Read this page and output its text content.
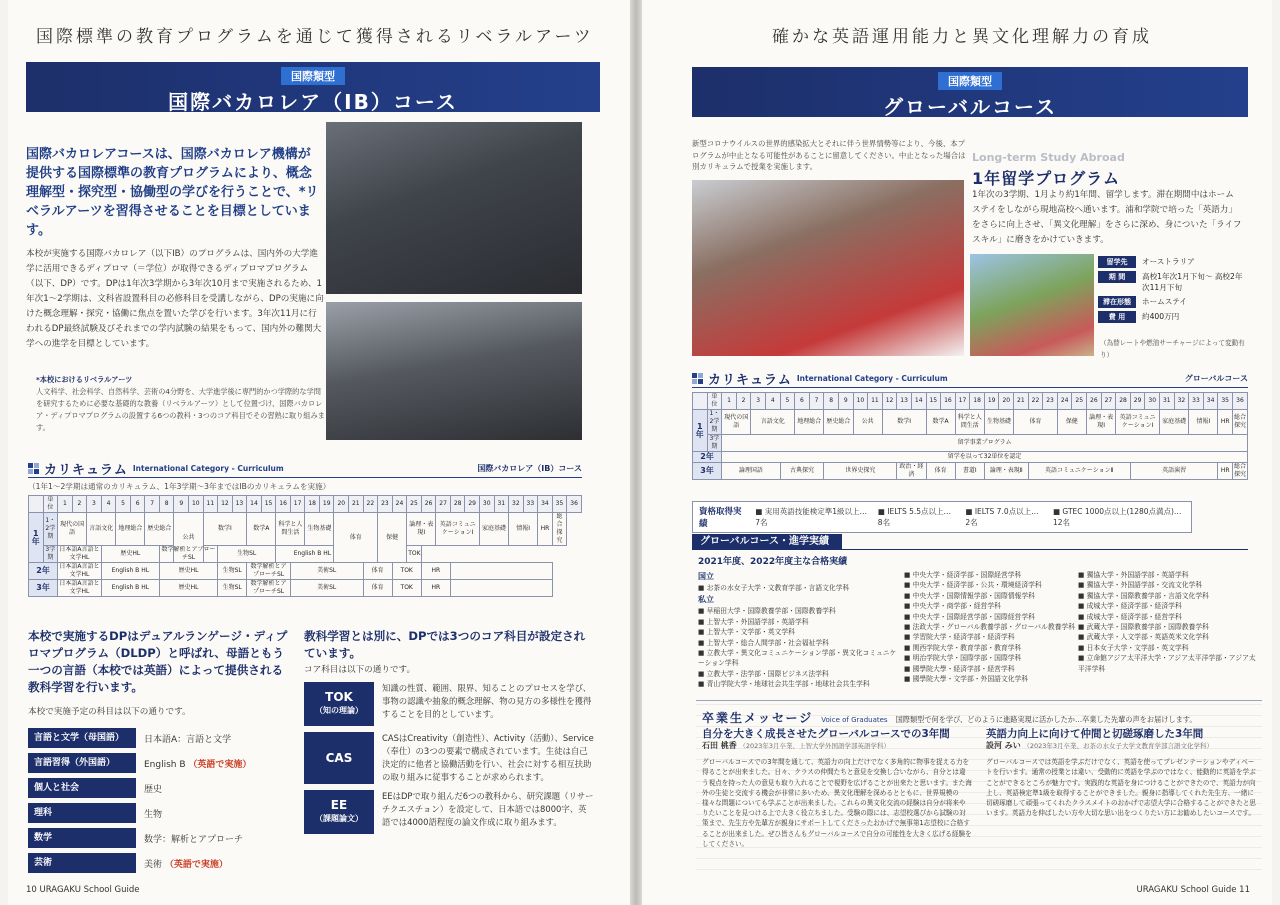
国際標準の教育プログラムを通じて獲得されるリベラルアーツ
国際類型
国際バカロレア（IB）コース
国際バカロレアコースは、国際バカロレア機構が提供する国際標準の教育プログラムにより、概念理解型・探究型・協働型の学びを行うことで、*リベラルアーツを習得させることを目標としています。
本校が実施する国際バカロレア（以下IB）のプログラムは、国内外の大学進学に活用できるディプロマ（＝学位）が取得できるディプロマプログラム（以下、DP）です。DPは1年次3学期から3年次10月まで実施されるため、1年次1～2学期は、文科省設置科目の必修科目を受講しながら、DPの実施に向けた概念理解・探究・協働に焦点を置いた学びを行います。3年次11月に行われるDP最終試験及びそれまでの学内試験の結果をもって、国内外の難関大学への進学を目標としています。
*本校におけるリベラルアーツ
人文科学、社会科学、自然科学、芸術の4分野を、大学進学後に専門的かつ学際的な学問を研究するために必要な基礎的な教養（リベラルアーツ）として位置づけ、国際バカロレア・ディプロマプログラムの設置する6つの教科・3つのコア科目でその習熟に取り組みます。
カリキュラム International Category - Curriculum	国際バカロレア（IB）コース
（1年1～2学期は通常のカリキュラム、1年3学期～3年まではIBのカリキュラムを実施）
	単位	1	2	3	4	5	6	7	8	9	10	11	12	13	14	15	16	17	18	19	20	21	22	23	24	25	26	27	28	29	30	31	32	33	34	35	36
1年	1・2学期	現代の国語		言語文化		地理総合		歴史総合		公共		数学Ⅰ			数学A		科学と人間生活		生物基礎		体育			保健		論理・表現Ⅰ		英語コミュニケーションⅠ			家庭基礎		情報Ⅰ		HR	総合探究	
	3学期	日本語A言語と文学HL			歴史HL				数学解析とアプローチSL				生物SL				English B HL									TOK											
2年		日本語A言語と文学HL			English B HL				歴史HL				生物SL		数学解析とアプローチSL			美術SL					体育		TOK		HR										
3年		日本語A言語と文学HL			English B HL				歴史HL				生物SL		数学解析とアプローチSL			美術SL					体育		TOK		HR										
本校で実施するDPはデュアルランゲージ・ディプロマプログラム（DLDP）と呼ばれ、母語ともう一つの言語（本校では英語）によって提供される教科学習を行います。
本校で実施予定の科目は以下の通りです。
言語と文学（母国語）	日本語A：言語と文学
言語習得（外国語）	English B （英語で実施）
個人と社会	歴史
理科	生物
数学	数学：解析とアプローチ
芸術	美術 （英語で実施）
教科学習とは別に、DPでは3つのコア科目が設定されています。
コア科目は以下の通りです。
TOK
（知の理論）
知識の性質、範囲、限界、知ることのプロセスを学び、事物の認識や抽象的概念理解、物の見方の多様性を獲得することを目的としています。
CAS
CASはCreativity（創造性）、Activity（活動）、Service（奉仕）の3つの要素で構成されています。生徒は自己決定的に他者と協働活動を行い、社会に対する相互扶助の取り組みに従事することが求められます。
EE
（課題論文）
EEはDPで取り組んだ6つの教科から、研究課題（リサーチクエスチョン）を設定して、日本語では8000字、英語では4000語程度の論文作成に取り組みます。
10 URAGAKU School Guide
確かな英語運用能力と異文化理解力の育成
国際類型
グローバルコース
新型コロナウイルスの世界的感染拡大とそれに伴う世界情勢等により、今後、本プログラムが中止となる可能性があることに留意してください。中止となった場合は別カリキュラムで授業を実施します。
Long-term Study Abroad
1年留学プログラム
1年次の3学期、1月より約1年間、留学します。滞在期間中はホームステイをしながら現地高校へ通います。浦和学院で培った「英語力」をさらに向上させ、「異文化理解」をさらに深め、身についた「ライフスキル」に磨きをかけていきます。
留学先	オーストラリア
期 間	高校1年次1月下旬～ 高校2年次11月下旬
滞在形態	ホームステイ
費 用	約400万円
（為替レートや燃油サーチャージによって変動有り）
カリキュラム International Category - Curriculum	グローバルコース
	単位	1	2	3	4	5	6	7	8	9	10	11	12	13	14	15	16	17	18	19	20	21	22	23	24	25	26	27	28	29	30	31	32	33	34	35	36
1年	1・2学期	現代の国語		言語文化			地理総合		歴史総合		公共		数学Ⅰ			数学A		科学と人間生活		生物基礎		体育			保健		論理・表現Ⅰ		英語コミュニケーションⅠ			家庭基礎		情報Ⅰ		HR	総合探究
	3学期	留学事業プログラム																																			
2年		留学を以って32単位を認定																																			
3年		論理国語				古典探究			世界史探究					政治・経済		体育		書道Ⅰ		論理・表現Ⅱ			英語コミュニケーションⅡ							英語演習						HR	総合探究
資格取得実績
■ 実用英語技能検定準1級以上…7名
■ IELTS 5.5点以上…8名
■ IELTS 7.0点以上…2名
■ GTEC 1000点以上(1280点満点)…12名
グローバルコース・進学実績
2021年度、2022年度主な合格実績
国立
■ お茶の水女子大学・文教育学部・言語文化学科
私立
■ 早稲田大学・国際教養学部・国際教養学科
■ 上智大学・外国語学部・英語学科
■ 上智大学・文学部・英文学科
■ 上智大学・総合人間学部・社会福祉学科
■ 立教大学・異文化コミュニケーション学部・異文化コミュニケーション学科
■ 立教大学・法学部・国際ビジネス法学科
■ 青山学院大学・地球社会共生学部・地球社会共生学科
■ 中央大学・経済学部・国際経営学科
■ 中央大学・経済学部・公共・環境経済学科
■ 中央大学・国際情報学部・国際情報学科
■ 中央大学・商学部・経営学科
■ 中央大学・国際経営学部・国際経営学科
■ 法政大学・グローバル教養学部・グローバル教養学科
■ 学習院大学・経済学部・経済学科
■ 関西学院大学・教育学部・教育学科
■ 明治学院大学・国際学部・国際学科
■ 國學院大學・経済学部・経営学科
■ 國學院大學・文学部・外国語文化学科
■ 獨協大学・外国語学部・英語学科
■ 獨協大学・外国語学部・交流文化学科
■ 獨協大学・国際教養学部・言語文化学科
■ 成城大学・経済学部・経済学科
■ 成城大学・経済学部・経営学科
■ 武蔵大学・国際教養学部・国際教養学科
■ 武蔵大学・人文学部・英語英米文化学科
■ 日本女子大学・文学部・英文学科
■ 立命館アジア太平洋大学・アジア太平洋学部・アジア太平洋学科
卒業生メッセージ Voice of Graduates 国際類型で何を学び、どのように進路実現に活かしたか…卒業した先輩の声をお届けします。
自分を大きく成長させたグローバルコースでの3年間
石田 桃香 （2023年3月卒業、上智大学外国語学部英語学科）
グローバルコースでの3年間を通して、英語力の向上だけでなく多角的に物事を捉える力を得ることが出来ました。日々、クラスの仲間たちと意見を交換し合いながら、自分とは違う視点を持った人の意見も取り入れることで視野を広げることが出来たと思います。また海外の生徒と交流する機会が非常に多いため、異文化理解を深めるとともに、世界規模の様々な問題についても学ぶことが出来ました。これらの異文化交流の経験は自分が将来やりたいことを見つける上で大きく役立ちました。受験の際には、志望校選びから試験の対策まで、先生方や先輩方が親身にサポートしてくださったおかげで無事第1志望校に合格することが出来ました。ぜひ皆さんもグローバルコースで自分の可能性を大きく広げる経験をしてください。
英語力向上に向けて仲間と切磋琢磨した3年間
設河 みい （2023年3月卒業、お茶の水女子大学文教育学部言語文化学科）
グローバルコースでは英語を学ぶだけでなく、英語を使ってプレゼンテーションやディベートを行います。通常の授業とは違い、受動的に英語を学ぶのではなく、能動的に英語を学ぶことができるところが魅力です。実践的な英語を身につけることができたので、英語力が向上し、英語検定準1級を取得することができました。親身に指導してくれた先生方、一緒に切磋琢磨して頑張ってくれたクラスメイトのおかげで志望大学に合格することができたと思います。英語力を伸ばしたい方や大切な思い出をつくりたい方にお勧めしたいコースです。
URAGAKU School Guide 11
